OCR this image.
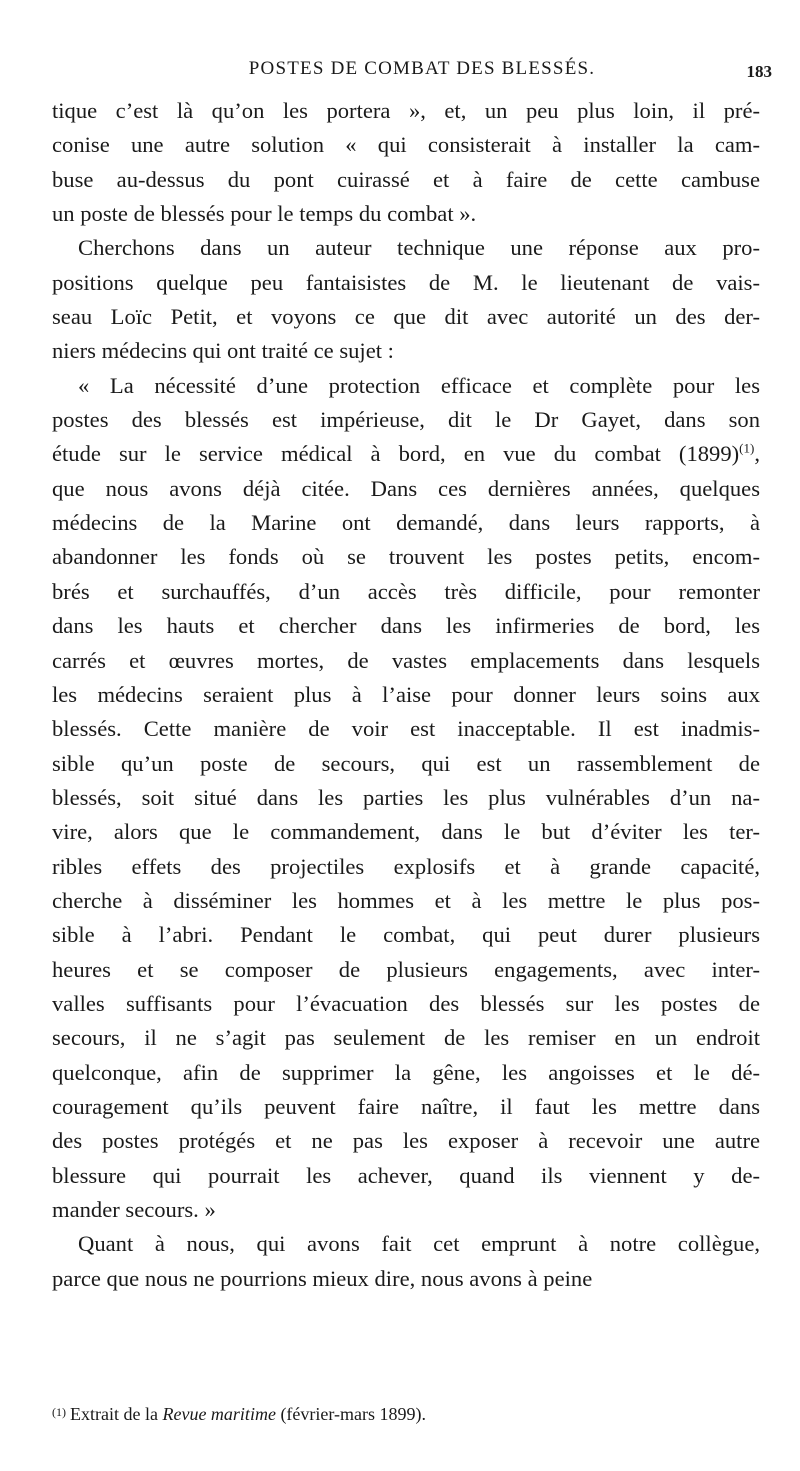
POSTES DE COMBAT DES BLESSÉS.	183

tique c’est là qu’on les portera », et, un peu plus loin, il pré-

conise une autre solution « qui consisterait à installer la cam-

buse au-dessus du pont cuirassé et à faire de cette cambuse

un poste de blessés pour le temps du combat ».

Cherchons dans un auteur technique une réponse aux pro-

positions quelque peu fantaisistes de M. le lieutenant de vais-

seau Loïc Petit, et voyons ce que dit avec autorité un des der-

niers médecins qui ont traité ce sujet :

« La nécessité d’une protection efficace et complète pour les

postes des blessés est impérieuse, dit le Dr Gayet, dans son

étude sur le service médical à bord, en vue du combat (1899)$^{(1)}$,

que nous avons déjà citée. Dans ces dernières années, quelques

médecins de la Marine ont demandé, dans leurs rapports, à

abandonner les fonds où se trouvent les postes petits, encom-

brés et surchauffés, d’un accès très difficile, pour remonter

dans les hauts et chercher dans les infirmeries de bord, les

carrés et œuvres mortes, de vastes emplacements dans lesquels

les médecins seraient plus à l’aise pour donner leurs soins aux

blessés. Cette manière de voir est inacceptable. Il est inadmis-

sible qu’un poste de secours, qui est un rassemblement de

blessés, soit situé dans les parties les plus vulnérables d’un na-

vire, alors que le commandement, dans le but d’éviter les ter-

ribles effets des projectiles explosifs et à grande capacité,

cherche à disséminer les hommes et à les mettre le plus pos-

sible à l’abri. Pendant le combat, qui peut durer plusieurs

heures et se composer de plusieurs engagements, avec inter-

valles suffisants pour l’évacuation des blessés sur les postes de

secours, il ne s’agit pas seulement de les remiser en un endroit

quelconque, afin de supprimer la gêne, les angoisses et le dé-

couragement qu’ils peuvent faire naître, il faut les mettre dans

des postes protégés et ne pas les exposer à recevoir une autre

blessure qui pourrait les achever, quand ils viennent y de-

mander secours. »

Quant à nous, qui avons fait cet emprunt à notre collègue,

parce que nous ne pourrions mieux dire, nous avons à peine

$^{(1)}$ Extrait de la Revue maritime (février-mars 1899).
